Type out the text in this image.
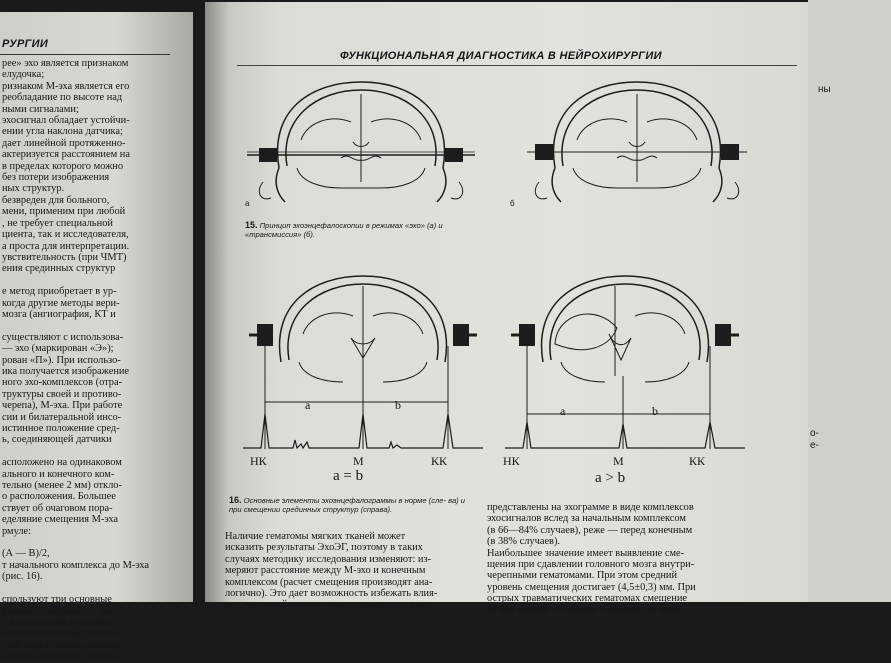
РУРГИИ
реe» эхо является признаком
елудочка;
ризнаком М-эха является его
реобладание по высоте над
ными сигналами;
эхосигнал обладает устойчи-
ении угла наклона датчика;
дает линейной протяженно-
актеризуется расстоянием на
в пределах которого можно
без потери изображения
ных структур.
безвреден для больного,
мени, применим при любой
, не требует специальной
циента, так и исследователя,
а проста для интерпретации.
увствительность (при ЧМТ)
ения срединных структур

е метод приобретает в ур-
когда другие методы вери-
мозга (ангиография, КТ и

существляют с использова-
— эхо (маркирован «Э»);
рован «П»). При использо-
ика получается изображение
ного эхо-комплексов (отра-
труктуры своей и противо-
черепа), М-эха. При работе
сии и билатеральной инсо-
истинное положение сред-
ь, соединяющей датчики

асположено на одинаковом
ального и конечного ком-
тельно (менее 2 мм) откло-
о расположения. Большее
ствует об очаговом пора-
еделяние смещения М-эха
рмуле:

(А — В)/2,
т начального комплекса до М-эха
(рис. 16).

спользуют три основные
редиюю и заднюю,— наи-
е в отношении очаговых
височно-теменных, темен-
стей мозга соответственно.
образно начинать с височ-
ФУНКЦИОНАЛЬНАЯ ДИАГНОСТИКА В НЕЙРОХИРУРГИИ
а	б
15. Принцип эхоэнцефалоскопии в режимах «эхо» (а) и «трансмиссия» (б).
a	b
НК	М	КК
a = b
a	b
НК	М	КК
a > b
16. Основные элементы эхоэнцефалограммы в норме (сле- ва) и при смещении срединных структур (справа).
Наличие гематомы мягких тканей может
исказить результаты ЭхоЭГ, поэтому в таких
случаях методику исследования изменяют: из-
меряют расстояние между М-эхо и конечным
комплексом (расчет смещения производят ана-
логично). Это дает возможность избежать влия-
ния наружной гематомы на результат, так как
представлены на эхограмме в виде комплексов
эхосигналов вслед за начальным комплексом
(в 66—84% случаев), реже — перед конечным
(в 38% случаев).
Наибольшее значение имеет выявление сме-
щения при сдавлении головного мозга внутри-
черепными гематомами. При этом средний
уровень смещения достигает (4,5±0,3) мм. При
острых травматических гематомах смещение
М-эха зависит от объема гематомы, ее лока-
ны
о-
е-
